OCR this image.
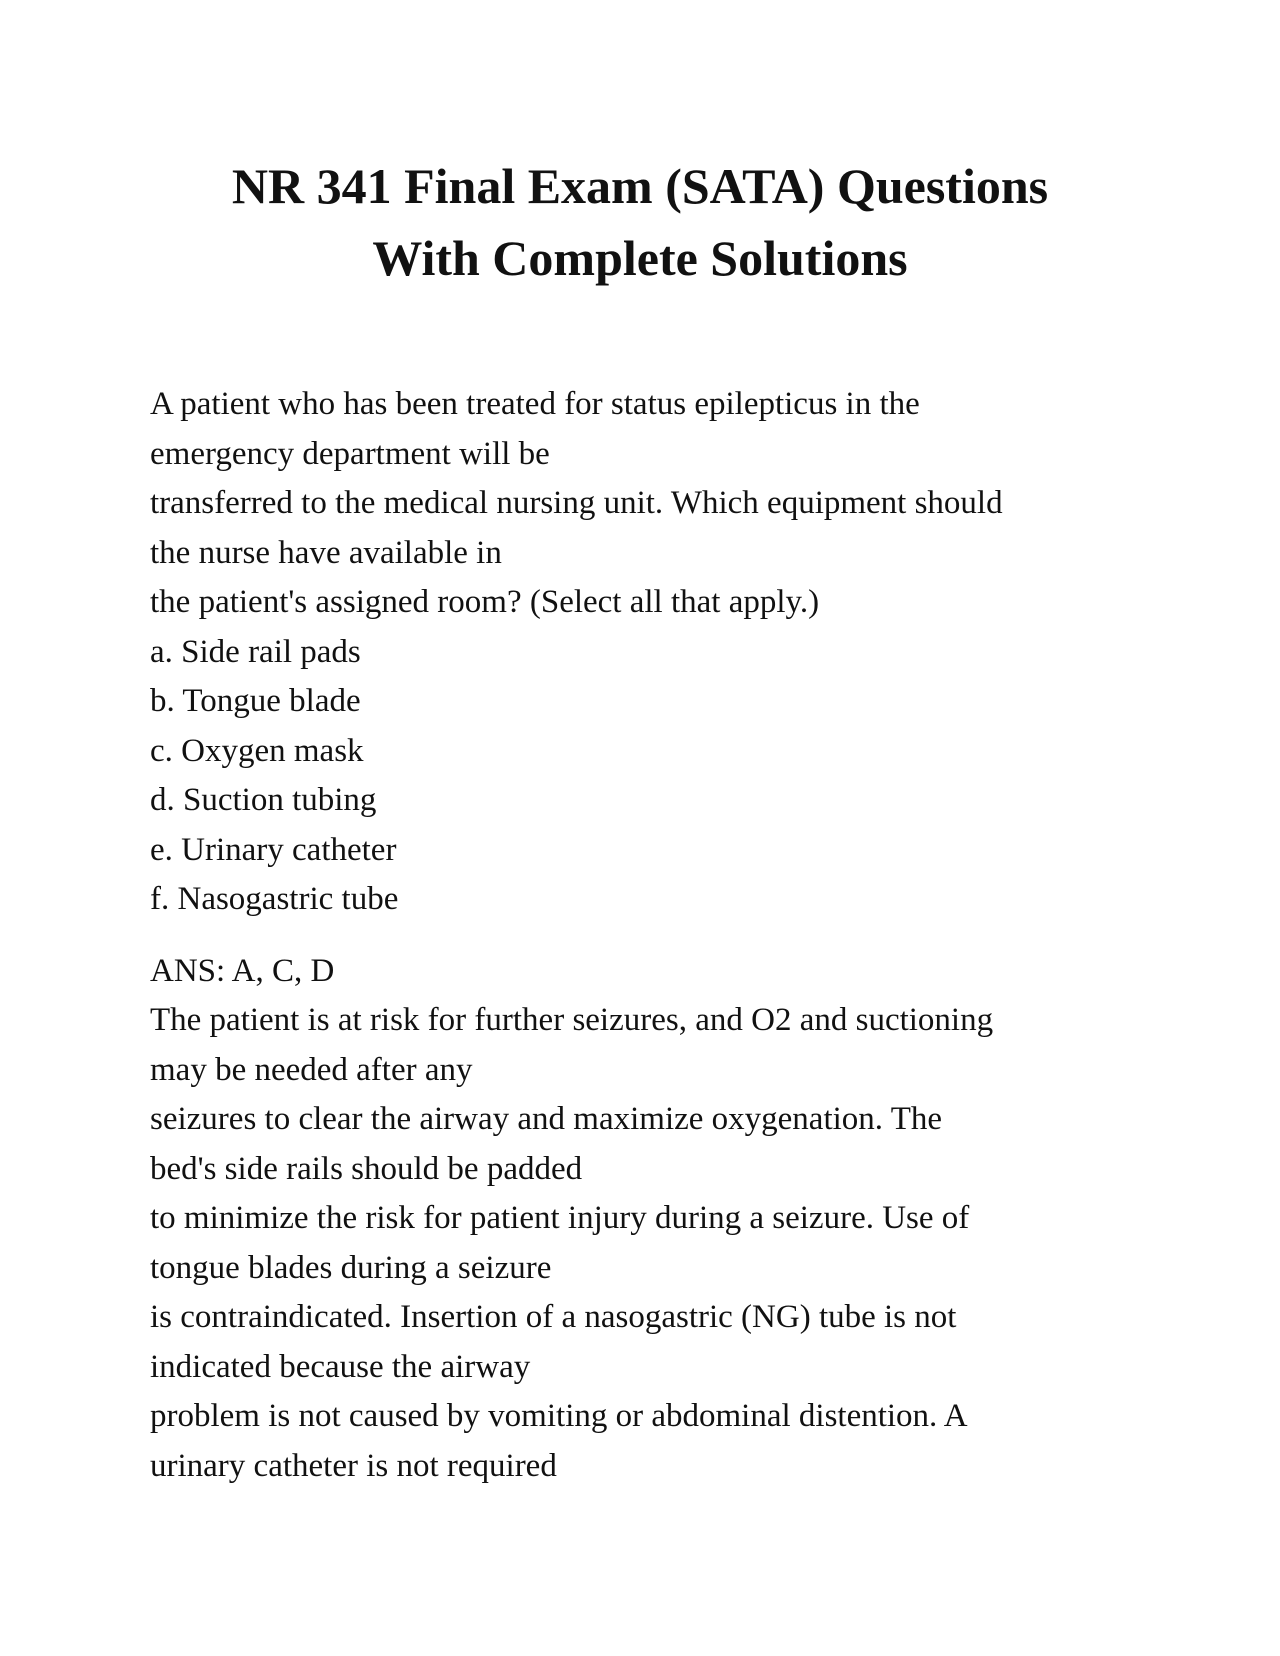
NR 341 Final Exam (SATA) Questions
With Complete Solutions

A patient who has been treated for status epilepticus in the

emergency department will be

transferred to the medical nursing unit. Which equipment should

the nurse have available in

the patient's assigned room? (Select all that apply.)

a. Side rail pads

b. Tongue blade

c. Oxygen mask

d. Suction tubing

e. Urinary catheter

f. Nasogastric tube

ANS: A, C, D

The patient is at risk for further seizures, and O2 and suctioning

may be needed after any

seizures to clear the airway and maximize oxygenation. The

bed's side rails should be padded

to minimize the risk for patient injury during a seizure. Use of

tongue blades during a seizure

is contraindicated. Insertion of a nasogastric (NG) tube is not

indicated because the airway

problem is not caused by vomiting or abdominal distention. A

urinary catheter is not required
